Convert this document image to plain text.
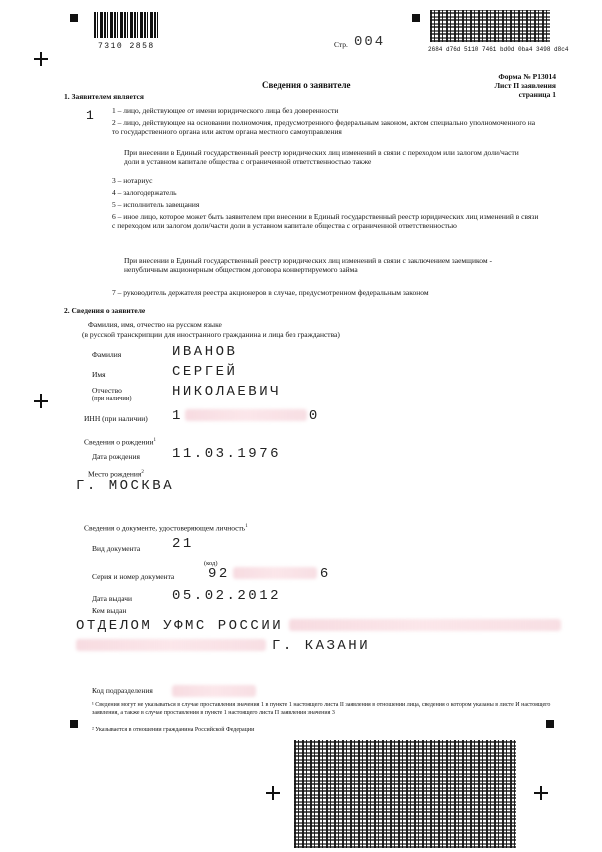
7310 2858	Стр. 004	2684 d76d 5110 7461 bd0d 0ba4 3498 d8c4
Сведения о заявителе
Форма № Р13014
Лист П заявления
страница 1
1. Заявителем является
1 1 – лицо, действующее от имени юридического лица без доверенности
2 – лицо, действующее на основании полномочия, предусмотренного федеральным законом, актом специально уполномоченного на то государственного органа или актом органа местного самоуправления
При внесении в Единый государственный реестр юридических лиц изменений в связи с переходом или залогом доли/части доли в уставном капитале общества с ограниченной ответственностью также
3 – нотариус
4 – залогодержатель
5 – исполнитель завещания
6 – иное лицо, которое может быть заявителем при внесении в Единый государственный реестр юридических лиц изменений в связи с переходом или залогом доли/части доли в уставном капитале общества с ограниченной ответственностью
При внесении в Единый государственный реестр юридических лиц изменений в связи с заключением заемщиком - непубличным акционерным обществом договора конвертируемого займа
7 – руководитель держателя реестра акционеров в случае, предусмотренном федеральным законом
2. Сведения о заявителе
Фамилия, имя, отчество на русском языке
(в русской транскрипции для иностранного гражданина и лица без гражданства)
Фамилия	ИВАНОВ
Имя	СЕРГЕЙ
Отчество
(при наличии)	НИКОЛАЕВИЧ
ИНН (при наличии) 1	0
Сведения о рождении$^1$
Дата рождения 11.03.1976
Место рождения$^2$
Г. МОСКВА
Сведения о документе, удостоверяющем личность$^1$
Вид документа 21
(код)
Серия и номер документа 92	6
Дата выдачи	05.02.2012
Кем выдан
ОТДЕЛОМ УФМС РОССИИ
Г. КАЗАНИ
Код подразделения
¹ Сведения могут не указываться в случае проставления значения 1 в пункте 1 настоящего листа II заявления в отношении лица, сведения о котором указаны в листе И настоящего заявления, а также в случае проставления в пункте 1 настоящего листа П заявления значения 3
² Указывается в отношении гражданина Российской Федерации
